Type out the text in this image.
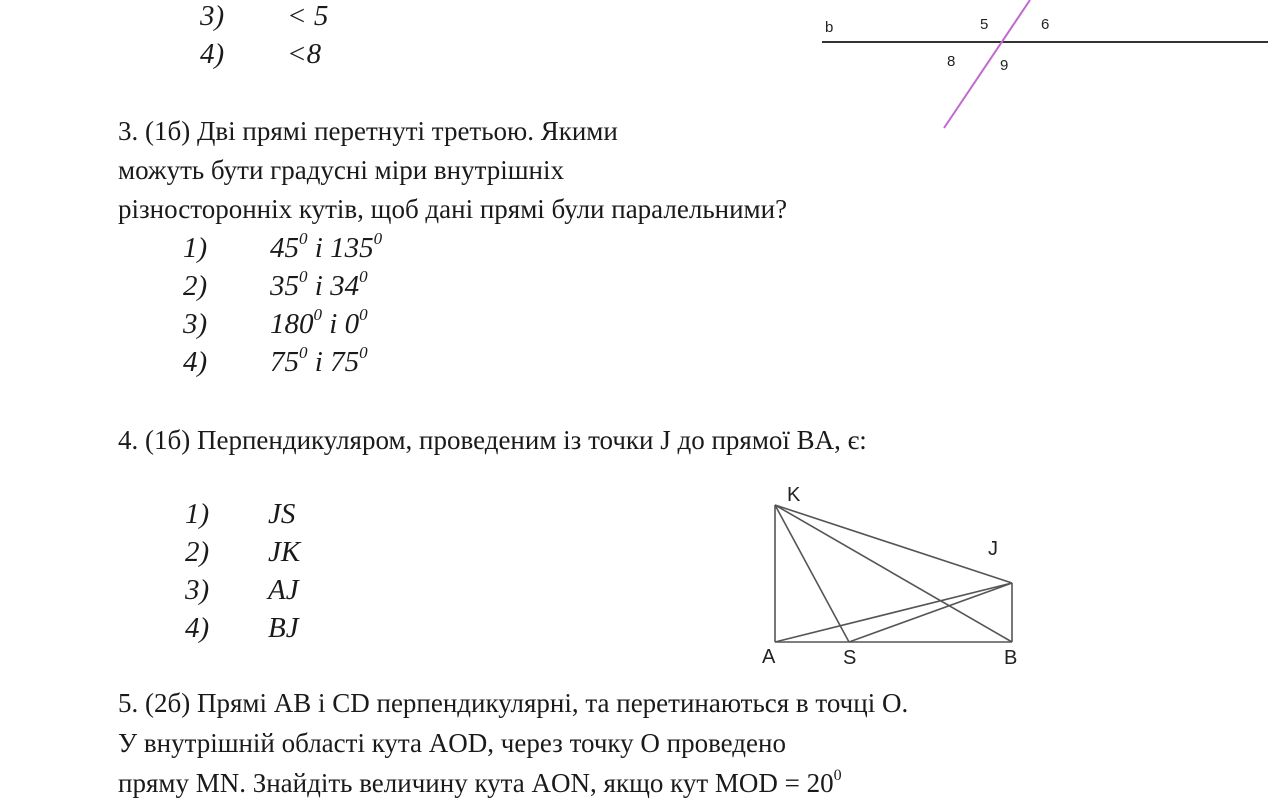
3) < 5
4) <8
b	5	6
8	9
3. (1б) Дві прямі перетнуті третьою. Якими
можуть бути градусні міри внутрішніх
різносторонніх кутів, щоб дані прямі були паралельними?
1) $45^0$ і $135^0$
2) $35^0$ і $34^0$
3) $180^0$ і $0^0$
4) $75^0$ і $75^0$
4. (1б) Перпендикуляром, проведеним із точки J до прямої BA, є:
1) JS
2) JK
3) AJ
4) BJ
K
J
A	S	B
5. (2б) Прямі AB і CD перпендикулярні, та перетинаються в точці O.
У внутрішній області кута AOD, через точку O проведено
пряму MN. Знайдіть величину кута AON, якщо кут MOD = $20^0$
